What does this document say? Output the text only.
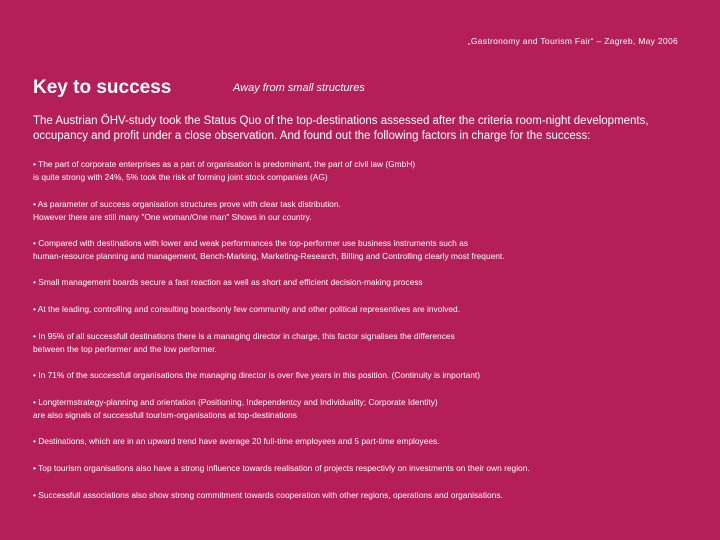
„Gastronomy and Tourism Fair“ – Zagreb, May 2006
Key to success	Away from small structures

The Austrian ÖHV-study took the Status Quo of the top-destinations assessed after the criteria room-night developments, occupancy and profit under a close observation. And found out the following factors in charge for the success:

• The part of corporate enterprises as a part of organisation is predominant, the part of civil law (GmbH)
is quite strong with 24%, 5% took the risk of forming joint stock companies (AG)
• As parameter of success organisation structures prove with clear task distribution.
However there are still many "One woman/One man" Shows in our country.
• Compared with destinations with lower and weak performances the top-performer use business instruments such as
human-resource planning and management, Bench-Marking, Marketing-Research, Billing and Controlling clearly most frequent.
• Small management boards secure a fast reaction as well as short and efficient decision-making process
• At the leading, controlling and consulting boardsonly few community and other political representives are involved.
• In 95% of all successfull destinations there is a managing director in charge, this factor signalises the differences
between the top performer and the low performer.
• In 71% of the successfull organisations the managing director is over five years in this position. (Continuity is important)
• Longtermstrategy-planning and orientation (Positioning, Independentcy and Individuality; Corporate Identity)
are also signals of successfull tourism-organisations at top-destinations
• Destinations, which are in an upward trend have average 20 full-time employees and 5 part-time employees.
• Top tourism organisations also have a strong influence towards realisation of projects respectivly on investments on their own region.
• Successfull associations also show strong commitment towards cooperation with other regions, operations and organisations.
